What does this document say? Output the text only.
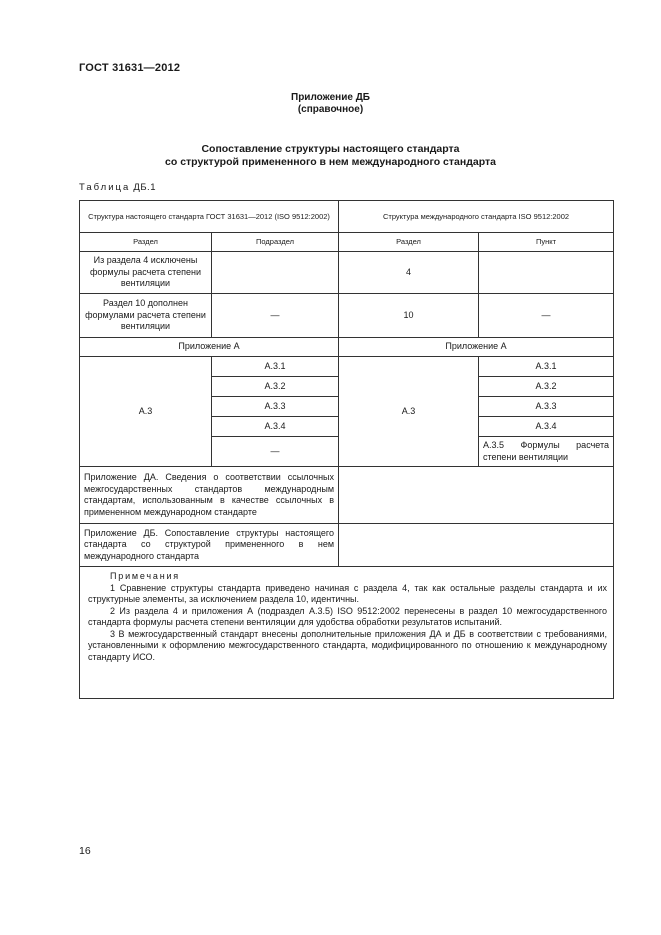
ГОСТ 31631—2012
Приложение ДБ
(справочное)
Сопоставление структуры настоящего стандарта
со структурой примененного в нем международного стандарта
Таблица ДБ.1
Структура настоящего стандарта ГОСТ 31631—2012 (ISO 9512:2002)		Структура международного стандарта ISO 9512:2002	
Раздел	Подраздел	Раздел	Пункт
Из раздела 4 исключены формулы расчета степени вентиляции		4	
Раздел 10 дополнен формулами расчета степени вентиляции	—	10	—
Приложение А		Приложение А	
А.3	А.3.1	А.3	А.3.1
	А.3.2		А.3.2
	А.3.3		А.3.3
	А.3.4		А.3.4
	—		А.3.5 Формулы расчета степени вентиляции
Приложение ДА. Сведения о соответствии ссылочных межгосударственных стандартов международным стандартам, использованным в качестве ссылочных в примененном международном стандарте			
Приложение ДБ. Сопоставление структуры настоящего стандарта со структурой примененного в нем международного стандарта			

Примечания
1 Сравнение структуры стандарта приведено начиная с раздела 4, так как остальные разделы стандарта и их структурные элементы, за исключением раздела 10, идентичны.
2 Из раздела 4 и приложения А (подраздел А.3.5) ISO 9512:2002 перенесены в раздел 10 межгосударственного стандарта формулы расчета степени вентиляции для удобства обработки результатов испытаний.
3 В межгосударственный стандарт внесены дополнительные приложения ДА и ДБ в соответствии с требованиями, установленными к оформлению межгосударственного стандарта, модифицированного по отношению к международному стандарту ИСО.			
16
